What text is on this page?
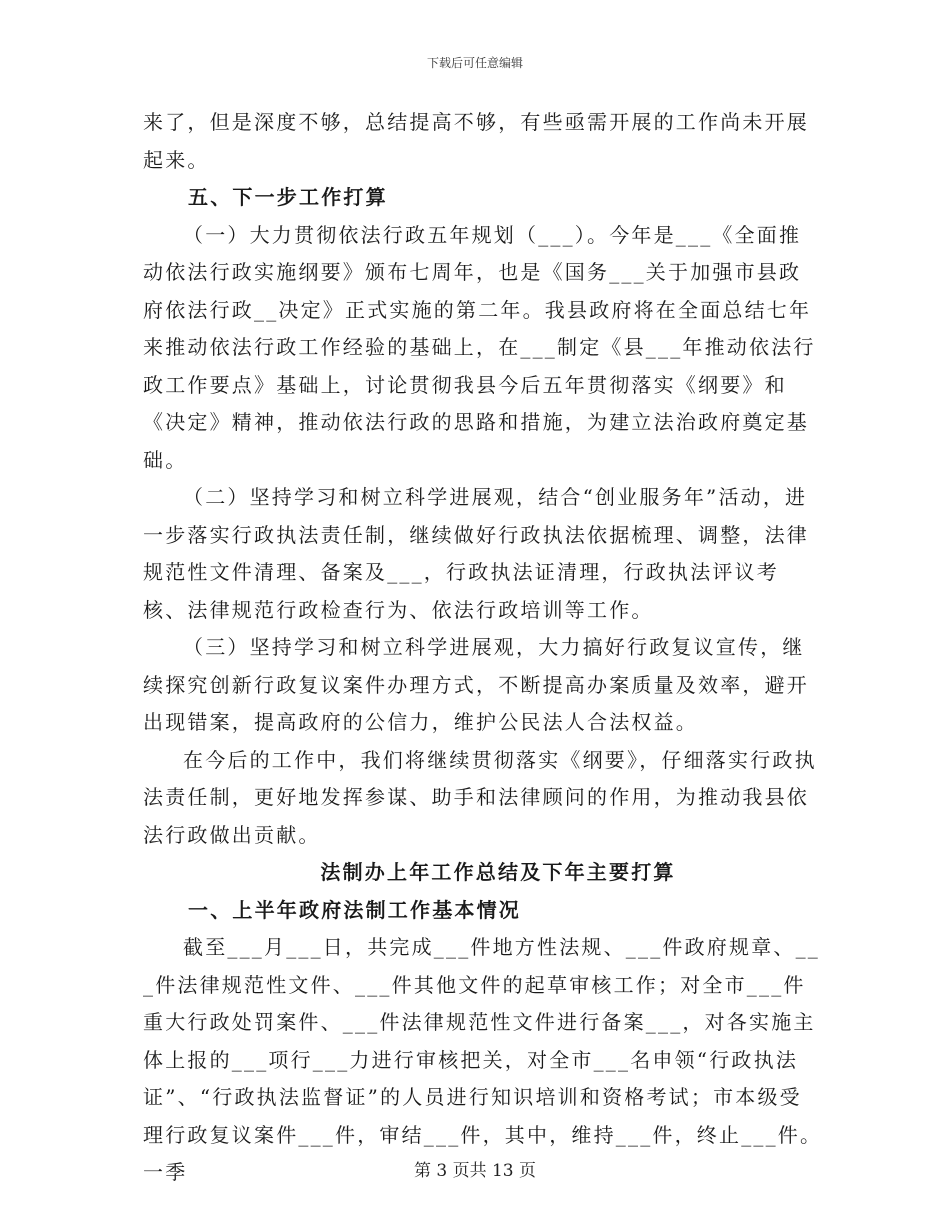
下载后可任意编辑

来了，但是深度不够，总结提高不够，有些亟需开展的工作尚未开展起来。

五、下一步工作打算

（一）大力贯彻依法行政五年规划（___）。今年是___《全面推动依法行政实施纲要》颁布七周年，也是《国务___关于加强市县政府依法行政__决定》正式实施的第二年。我县政府将在全面总结七年来推动依法行政工作经验的基础上，在___制定《县___年推动依法行政工作要点》基础上，讨论贯彻我县今后五年贯彻落实《纲要》和《决定》精神，推动依法行政的思路和措施，为建立法治政府奠定基础。

（二）坚持学习和树立科学进展观，结合“创业服务年”活动，进一步落实行政执法责任制，继续做好行政执法依据梳理、调整，法律规范性文件清理、备案及___，行政执法证清理，行政执法评议考核、法律规范行政检查行为、依法行政培训等工作。

（三）坚持学习和树立科学进展观，大力搞好行政复议宣传，继续探究创新行政复议案件办理方式，不断提高办案质量及效率，避开出现错案，提高政府的公信力，维护公民法人合法权益。

在今后的工作中，我们将继续贯彻落实《纲要》，仔细落实行政执法责任制，更好地发挥参谋、助手和法律顾问的作用，为推动我县依法行政做出贡献。

法制办上年工作总结及下年主要打算

一、上半年政府法制工作基本情况

截至___月___日，共完成___件地方性法规、___件政府规章、___件法律规范性文件、___件其他文件的起草审核工作；对全市___件重大行政处罚案件、___件法律规范性文件进行备案___，对各实施主体上报的___项行___力进行审核把关，对全市___名申领“行政执法证”、“行政执法监督证”的人员进行知识培训和资格考试；市本级受理行政复议案件___件，审结___件，其中，维持___件，终止___件。一季	第 3 页共 13 页
